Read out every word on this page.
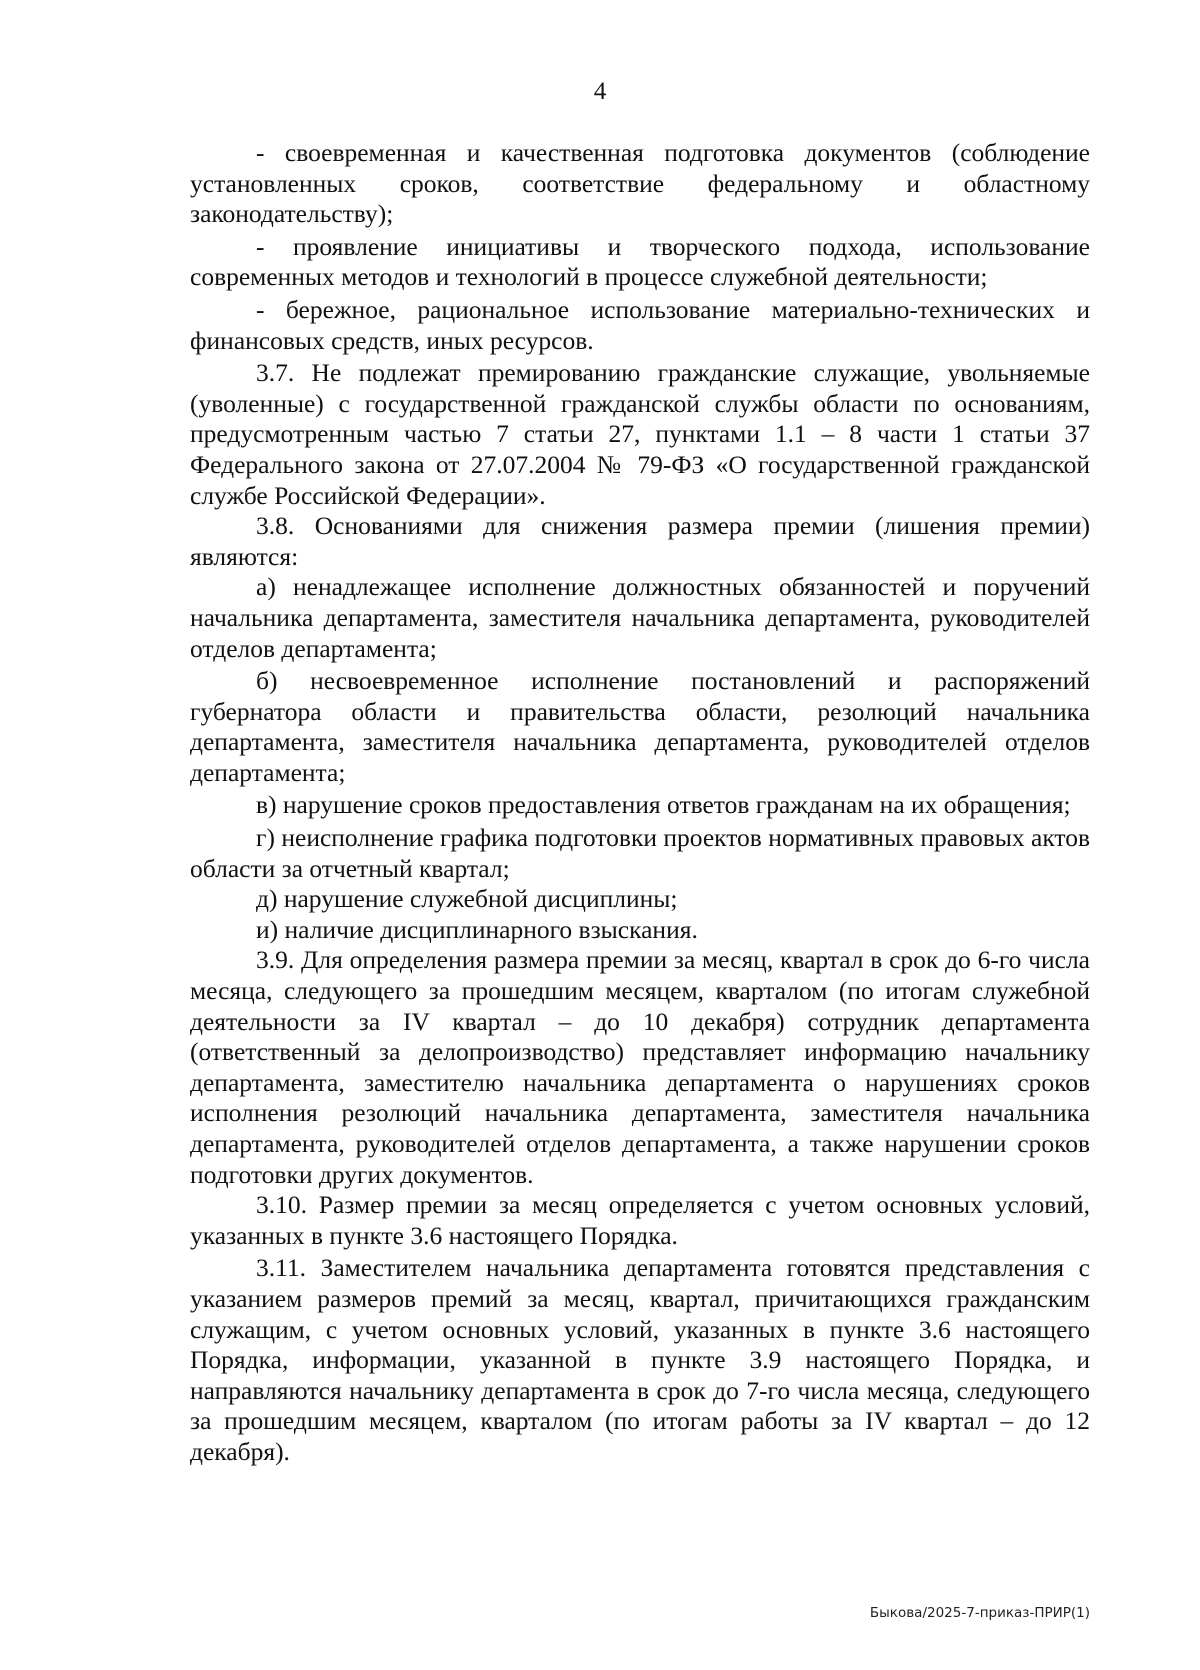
4

- своевременная и качественная подготовка документов (соблюдение установленных сроков, соответствие федеральному и областному законодательству);

- проявление инициативы и творческого подхода, использование современных методов и технологий в процессе служебной деятельности;

- бережное, рациональное использование материально-технических и финансовых средств, иных ресурсов.

3.7. Не подлежат премированию гражданские служащие, увольняемые (уволенные) с государственной гражданской службы области по основаниям, предусмотренным частью 7 статьи 27, пунктами 1.1 – 8 части 1 статьи 37 Федерального закона от 27.07.2004 № 79-ФЗ «О государственной гражданской службе Российской Федерации».

3.8. Основаниями для снижения размера премии (лишения премии) являются:

а) ненадлежащее исполнение должностных обязанностей и поручений начальника департамента, заместителя начальника департамента, руководителей отделов департамента;

б) несвоевременное исполнение постановлений и распоряжений губернатора области и правительства области, резолюций начальника департамента, заместителя начальника департамента, руководителей отделов департамента;

в) нарушение сроков предоставления ответов гражданам на их обращения;

г) неисполнение графика подготовки проектов нормативных правовых актов области за отчетный квартал;

д) нарушение служебной дисциплины;

и) наличие дисциплинарного взыскания.

3.9. Для определения размера премии за месяц, квартал в срок до 6-го числа месяца, следующего за прошедшим месяцем, кварталом (по итогам служебной деятельности за IV квартал – до 10 декабря) сотрудник департамента (ответственный за делопроизводство) представляет информацию начальнику департамента, заместителю начальника департамента о нарушениях сроков исполнения резолюций начальника департамента, заместителя начальника департамента, руководителей отделов департамента, а также нарушении сроков подготовки других документов.

3.10. Размер премии за месяц определяется с учетом основных условий, указанных в пункте 3.6 настоящего Порядка.

3.11. Заместителем начальника департамента готовятся представления с указанием размеров премий за месяц, квартал, причитающихся гражданским служащим, с учетом основных условий, указанных в пункте 3.6 настоящего Порядка, информации, указанной в пункте 3.9 настоящего Порядка, и направляются начальнику департамента в срок до 7-го числа месяца, следующего за прошедшим месяцем, кварталом (по итогам работы за IV квартал – до 12 декабря).

Быкова/2025-7-приказ-ПРИР(1)
